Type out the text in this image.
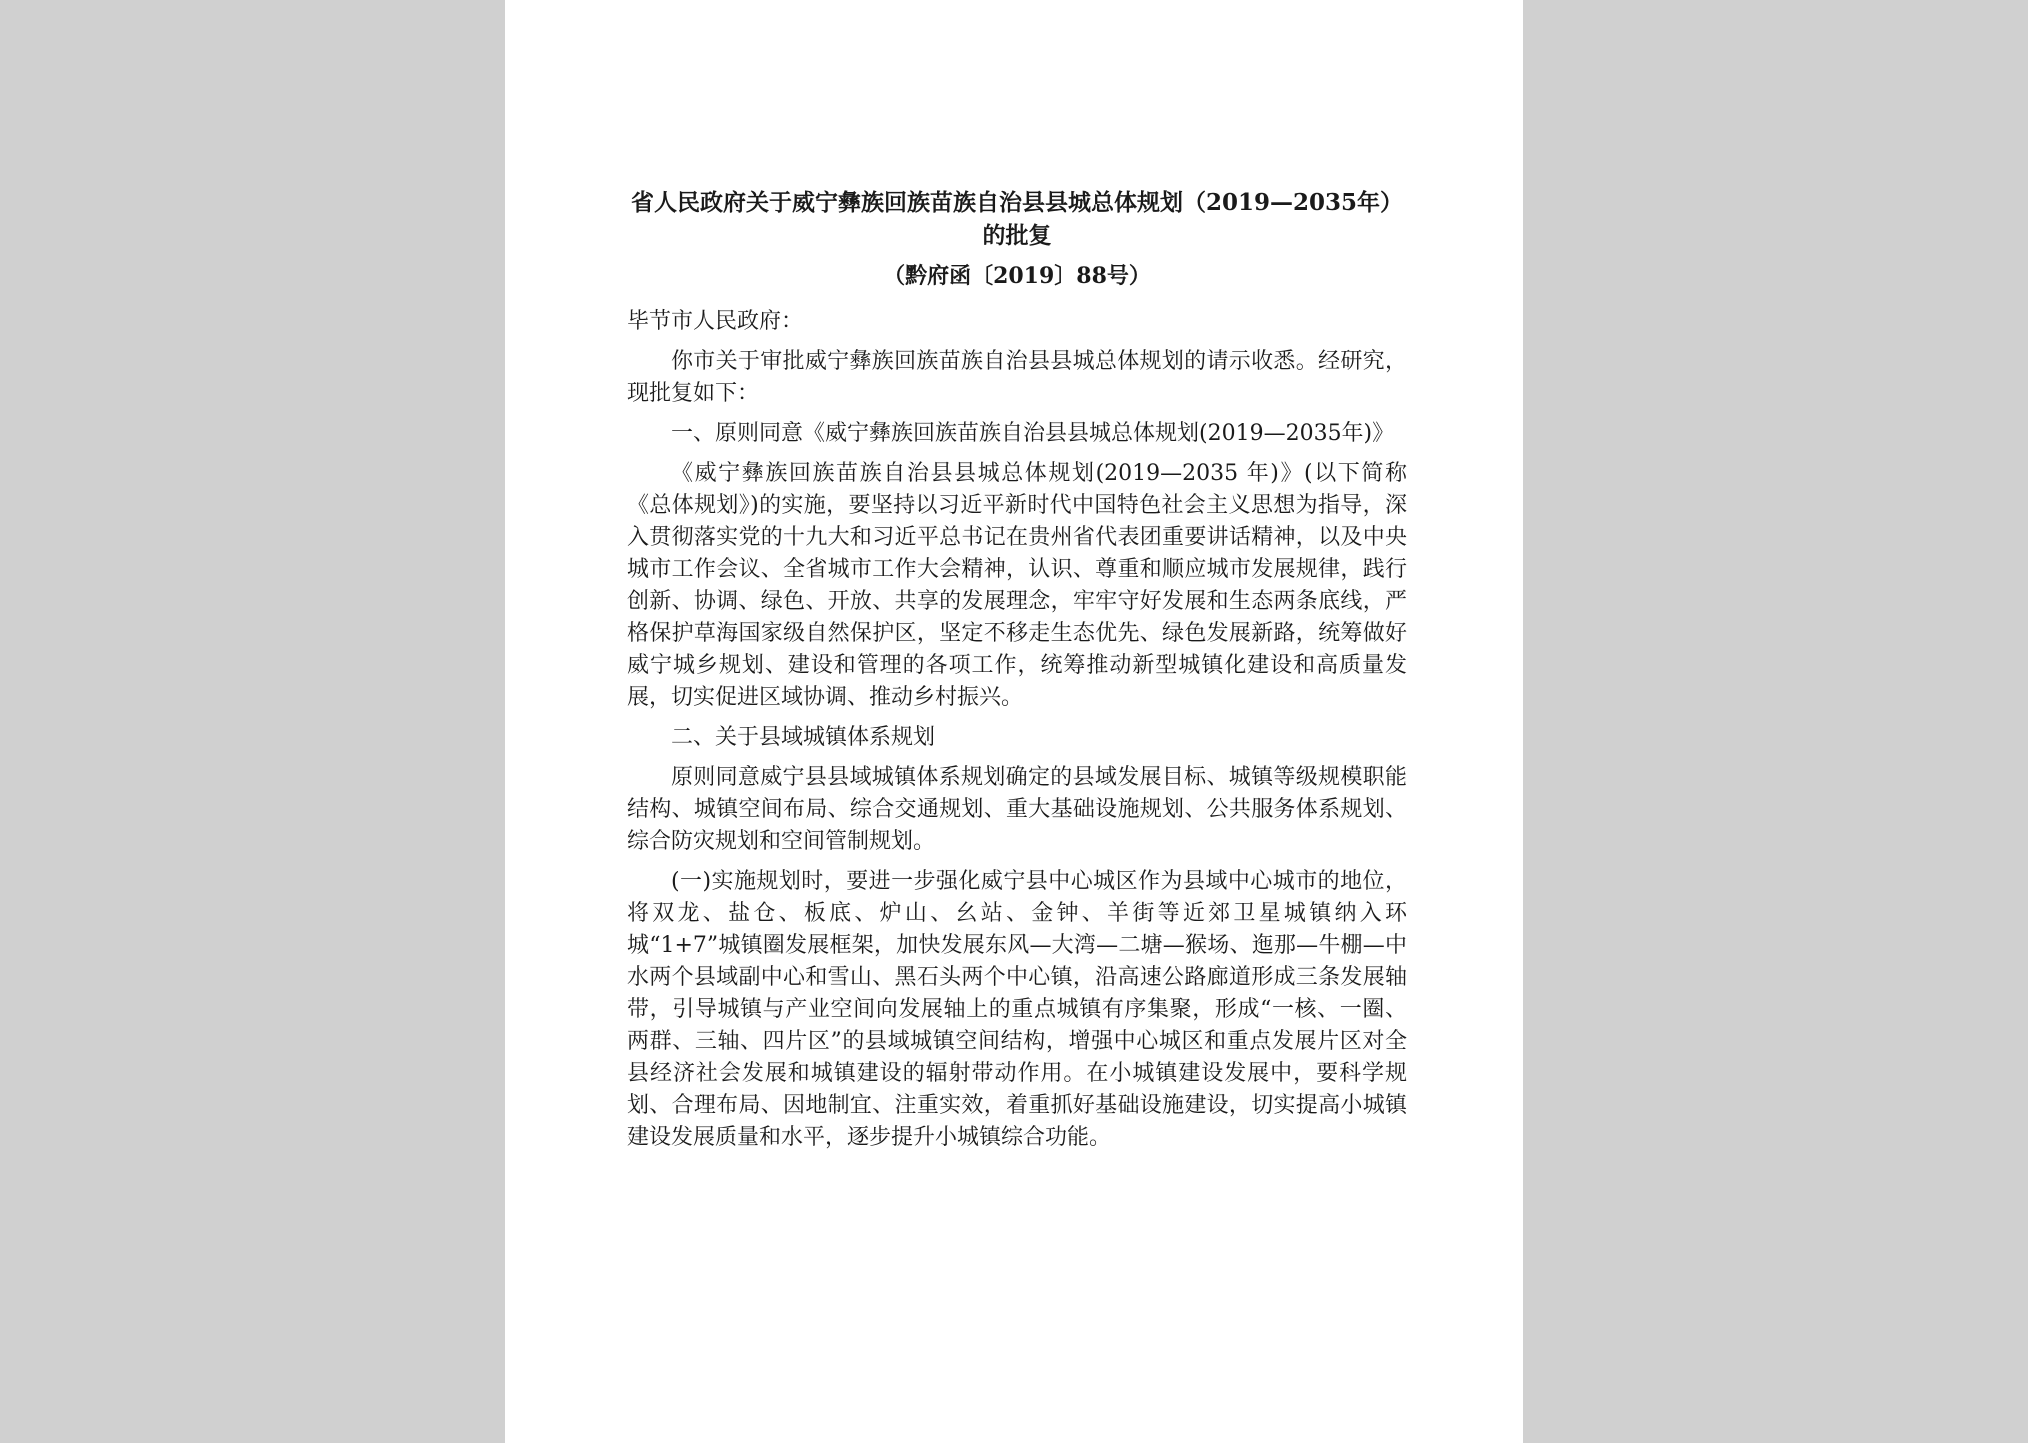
省人民政府关于威宁彝族回族苗族自治县县城总体规划（2019—2035年）的批复
（黔府函〔2019〕88号）
毕节市人民政府：

你市关于审批威宁彝族回族苗族自治县县城总体规划的请示收悉。经研究，现批复如下：

一、原则同意《威宁彝族回族苗族自治县县城总体规划(2019—2035年)》

《威宁彝族回族苗族自治县县城总体规划(2019—2035 年)》(以下简称《总体规划》)的实施，要坚持以习近平新时代中国特色社会主义思想为指导，深入贯彻落实党的十九大和习近平总书记在贵州省代表团重要讲话精神，以及中央城市工作会议、全省城市工作大会精神，认识、尊重和顺应城市发展规律，践行创新、协调、绿色、开放、共享的发展理念，牢牢守好发展和生态两条底线，严格保护草海国家级自然保护区，坚定不移走生态优先、绿色发展新路，统筹做好威宁城乡规划、建设和管理的各项工作，统筹推动新型城镇化建设和高质量发展，切实促进区域协调、推动乡村振兴。

二、关于县域城镇体系规划

原则同意威宁县县域城镇体系规划确定的县域发展目标、城镇等级规模职能结构、城镇空间布局、综合交通规划、重大基础设施规划、公共服务体系规划、综合防灾规划和空间管制规划。

(一)实施规划时，要进一步强化威宁县中心城区作为县域中心城市的地位，将双龙、盐仓、板底、炉山、幺站、金钟、羊街等近郊卫星城镇纳入环城“1+7”城镇圈发展框架，加快发展东风—大湾—二塘—猴场、迤那—牛棚—中水两个县域副中心和雪山、黑石头两个中心镇，沿高速公路廊道形成三条发展轴带，引导城镇与产业空间向发展轴上的重点城镇有序集聚，形成“一核、一圈、两群、三轴、四片区”的县域城镇空间结构，增强中心城区和重点发展片区对全县经济社会发展和城镇建设的辐射带动作用。在小城镇建设发展中，要科学规划、合理布局、因地制宜、注重实效，着重抓好基础设施建设，切实提高小城镇建设发展质量和水平，逐步提升小城镇综合功能。
